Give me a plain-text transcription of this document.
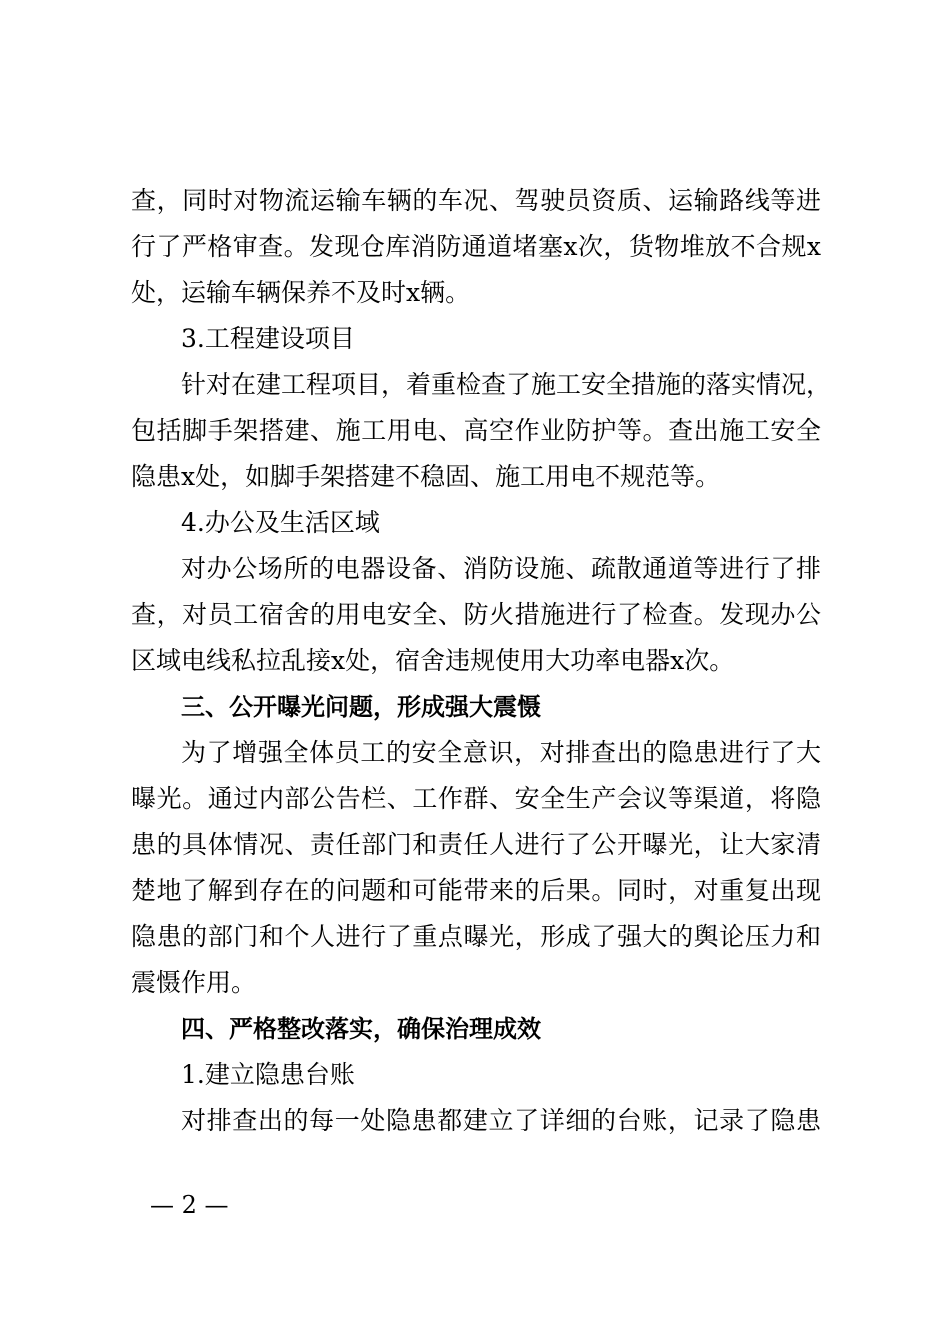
查，同时对物流运输车辆的车况、驾驶员资质、运输路线等进
行了严格审查。发现仓库消防通道堵塞x次，货物堆放不合规x
处，运输车辆保养不及时x辆。
3.工程建设项目
针对在建工程项目，着重检查了施工安全措施的落实情况，
包括脚手架搭建、施工用电、高空作业防护等。查出施工安全
隐患x处，如脚手架搭建不稳固、施工用电不规范等。
4.办公及生活区域
对办公场所的电器设备、消防设施、疏散通道等进行了排
查，对员工宿舍的用电安全、防火措施进行了检查。发现办公
区域电线私拉乱接x处，宿舍违规使用大功率电器x次。
三、公开曝光问题，形成强大震慑
为了增强全体员工的安全意识，对排查出的隐患进行了大
曝光。通过内部公告栏、工作群、安全生产会议等渠道，将隐
患的具体情况、责任部门和责任人进行了公开曝光，让大家清
楚地了解到存在的问题和可能带来的后果。同时，对重复出现
隐患的部门和个人进行了重点曝光，形成了强大的舆论压力和
震慑作用。
四、严格整改落实，确保治理成效
1.建立隐患台账
对排查出的每一处隐患都建立了详细的台账，记录了隐患
— 2 —
